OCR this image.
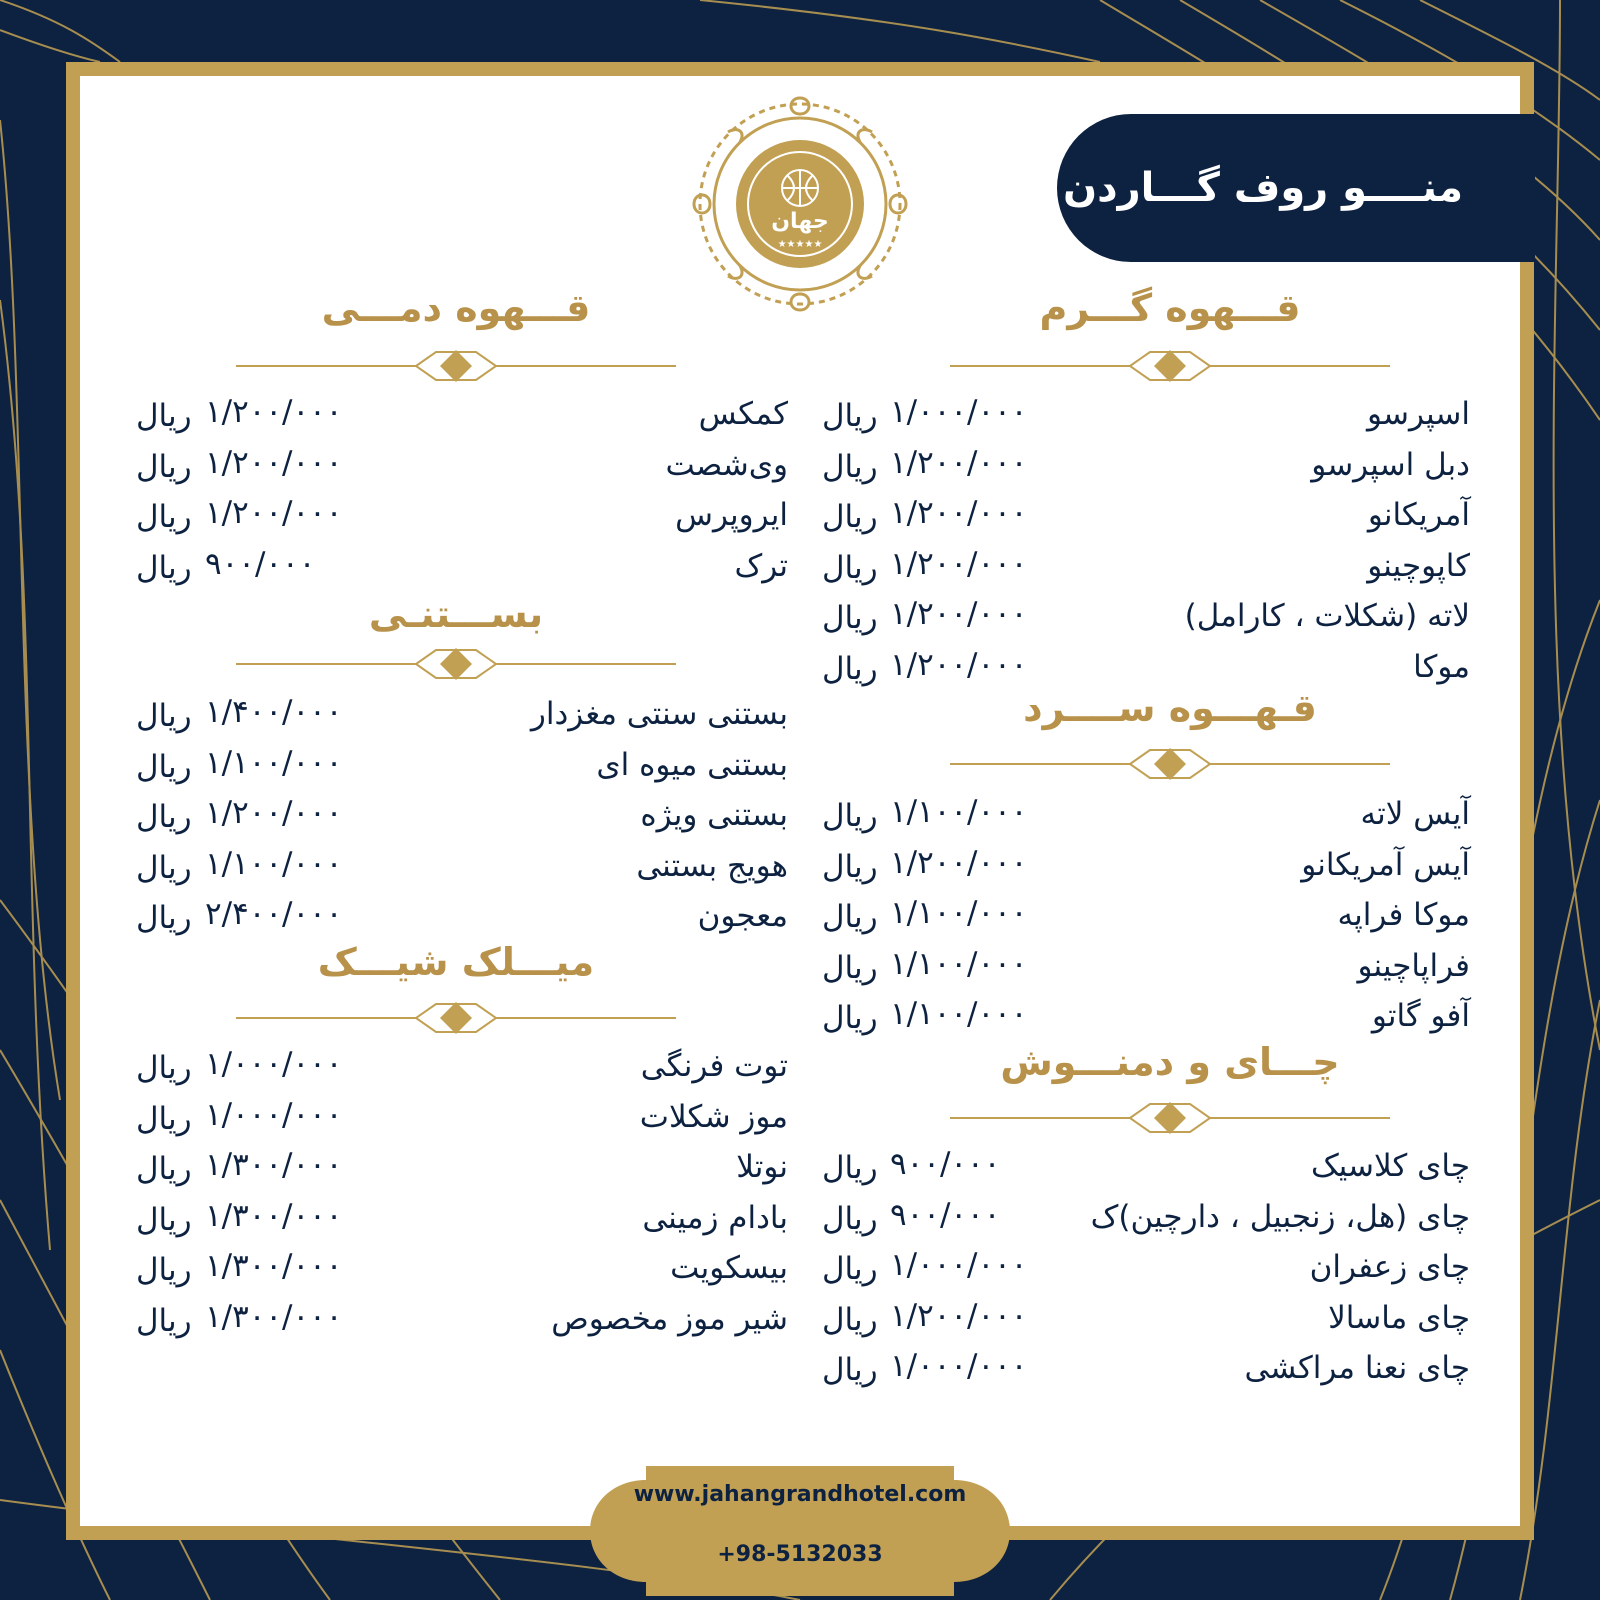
منــــو روف گـــاردن
جهان
★★★★★
قـــهوه گـــرم
اسپرسو
۱/۰۰۰/۰۰۰
ریال
دبل اسپرسو
۱/۲۰۰/۰۰۰
ریال
آمریکانو
۱/۲۰۰/۰۰۰
ریال
کاپوچینو
۱/۲۰۰/۰۰۰
ریال
لاته (شکلات ، کارامل)
۱/۲۰۰/۰۰۰
ریال
موکا
۱/۲۰۰/۰۰۰
ریال
قـهـــوه ســــرد
آیس لاته
۱/۱۰۰/۰۰۰
ریال
آیس آمریکانو
۱/۲۰۰/۰۰۰
ریال
موکا فراپه
۱/۱۰۰/۰۰۰
ریال
فراپاچینو
۱/۱۰۰/۰۰۰
ریال
آفو گاتو
۱/۱۰۰/۰۰۰
ریال
چـــای و دمنـــوش
چای کلاسیک
۹۰۰/۰۰۰
ریال
چای (هل، زنجبیل ، دارچین)ک
۹۰۰/۰۰۰
ریال
چای زعفران
۱/۰۰۰/۰۰۰
ریال
چای ماسالا
۱/۲۰۰/۰۰۰
ریال
چای نعنا مراکشی
۱/۰۰۰/۰۰۰
ریال
قـــهوه دمـــی
کمکس
۱/۲۰۰/۰۰۰
ریال
وی‌شصت
۱/۲۰۰/۰۰۰
ریال
ایروپرس
۱/۲۰۰/۰۰۰
ریال
ترک
۹۰۰/۰۰۰
ریال
بســـتنـی
بستنی سنتی مغزدار
۱/۴۰۰/۰۰۰
ریال
بستنی میوه ای
۱/۱۰۰/۰۰۰
ریال
بستنی ویژه
۱/۲۰۰/۰۰۰
ریال
هویج بستنی
۱/۱۰۰/۰۰۰
ریال
معجون
۲/۴۰۰/۰۰۰
ریال
میـــلک شیـــک
توت فرنگی
۱/۰۰۰/۰۰۰
ریال
موز شکلات
۱/۰۰۰/۰۰۰
ریال
نوتلا
۱/۳۰۰/۰۰۰
ریال
بادام زمینی
۱/۳۰۰/۰۰۰
ریال
بیسکویت
۱/۳۰۰/۰۰۰
ریال
شیر موز مخصوص
۱/۳۰۰/۰۰۰
ریال
www.jahangrandhotel.com
+98-5132033
